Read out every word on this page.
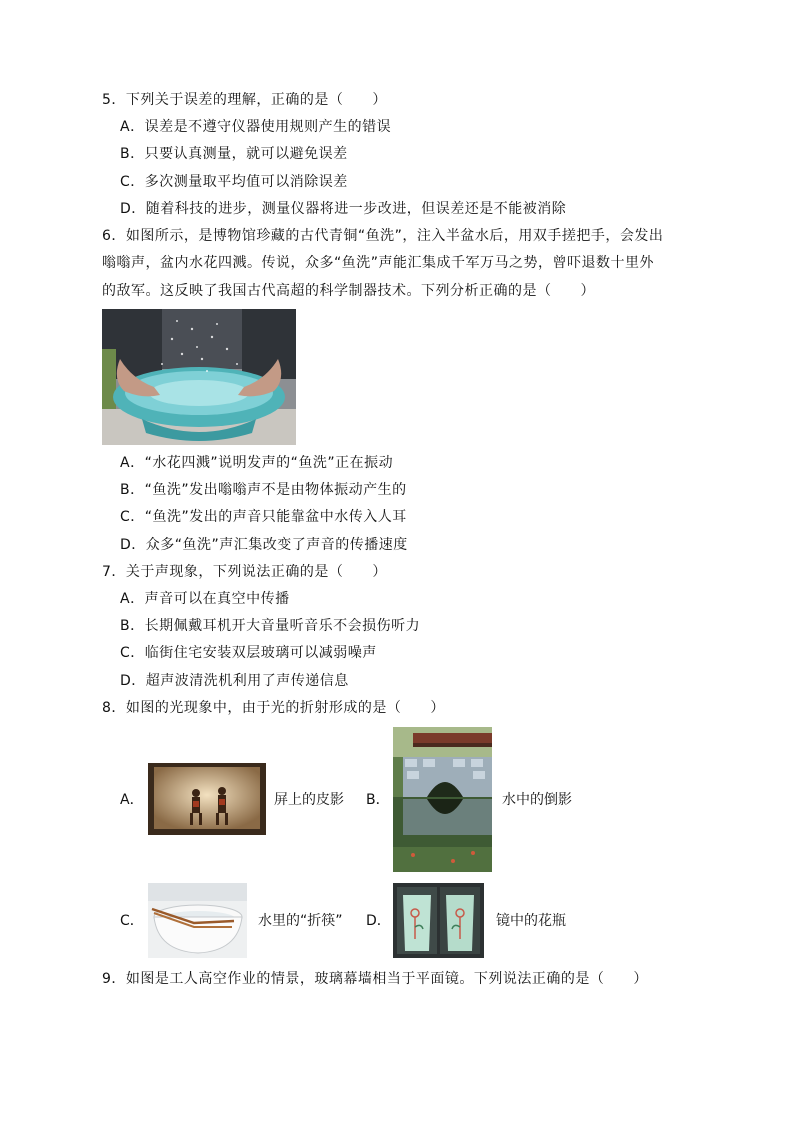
5．下列关于误差的理解，正确的是（　　）
A．误差是不遵守仪器使用规则产生的错误
B．只要认真测量，就可以避免误差
C．多次测量取平均值可以消除误差
D．随着科技的进步，测量仪器将进一步改进，但误差还是不能被消除
6．如图所示，是博物馆珍藏的古代青铜“鱼洗”，注入半盆水后，用双手搓把手，会发出
嗡嗡声，盆内水花四溅。传说，众多“鱼洗”声能汇集成千军万马之势，曾吓退数十里外
的敌军。这反映了我国古代高超的科学制器技术。下列分析正确的是（　　）
A．“水花四溅”说明发声的“鱼洗”正在振动
B．“鱼洗”发出嗡嗡声不是由物体振动产生的
C．“鱼洗”发出的声音只能靠盆中水传入人耳
D．众多“鱼洗”声汇集改变了声音的传播速度
7．关于声现象，下列说法正确的是（　　）
A．声音可以在真空中传播
B．长期佩戴耳机开大音量听音乐不会损伤听力
C．临街住宅安装双层玻璃可以减弱噪声
D．超声波清洗机利用了声传递信息
8．如图的光现象中，由于光的折射形成的是（　　）
A．	屏上的皮影 B．	水中的倒影
C．	水里的“折筷” D．	镜中的花瓶
9．如图是工人高空作业的情景，玻璃幕墙相当于平面镜。下列说法正确的是（　　）
